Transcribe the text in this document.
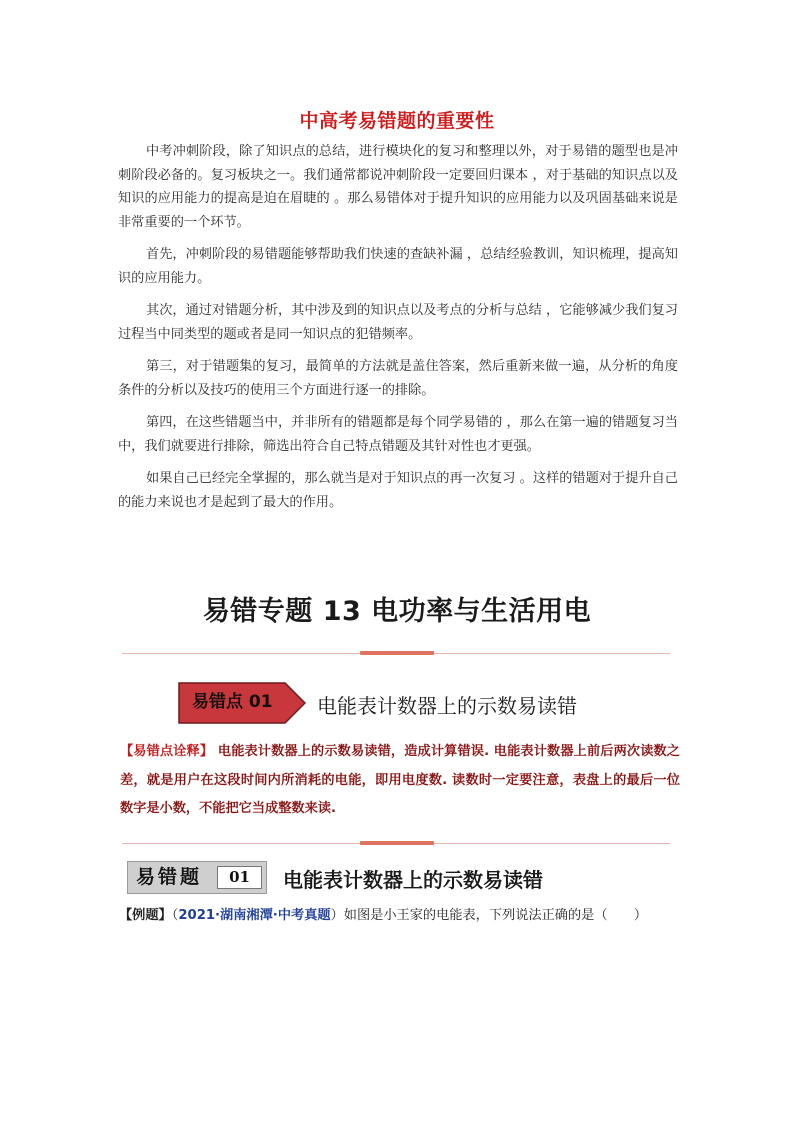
中高考易错题的重要性

中考冲刺阶段，除了知识点的总结，进行模块化的复习和整理以外，对于易错的题型也是冲刺阶段必备的。复习板块之一。我们通常都说冲刺阶段一定要回归课本 ，对于基础的知识点以及知识的应用能力的提高是迫在眉睫的 。那么易错体对于提升知识的应用能力以及巩固基础来说是非常重要的一个环节。

首先，冲刺阶段的易错题能够帮助我们快速的查缺补漏 ，总结经验教训，知识梳理，提高知识的应用能力。

其次，通过对错题分析，其中涉及到的知识点以及考点的分析与总结 ，它能够减少我们复习过程当中同类型的题或者是同一知识点的犯错频率。

第三，对于错题集的复习，最简单的方法就是盖住答案，然后重新来做一遍，从分析的角度条件的分析以及技巧的使用三个方面进行逐一的排除。

第四，在这些错题当中，并非所有的错题都是每个同学易错的 ，那么在第一遍的错题复习当中，我们就要进行排除，筛选出符合自己特点错题及其针对性也才更强。

如果自己已经完全掌握的，那么就当是对于知识点的再一次复习 。这样的错题对于提升自己的能力来说也才是起到了最大的作用。

易错专题 13 电功率与生活用电
易错点 01 电能表计数器上的示数易读错
【易错点诠释】 电能表计数器上的示数易读错，造成计算错误. 电能表计数器上前后两次读数之差，就是用户在这段时间内所消耗的电能，即用电度数. 读数时一定要注意，表盘上的最后一位数字是小数，不能把它当成整数来读.
易错题	01	电能表计数器上的示数易读错
【例题】（2021·湖南湘潭·中考真题）如图是小王家的电能表，下列说法正确的是（　　）
